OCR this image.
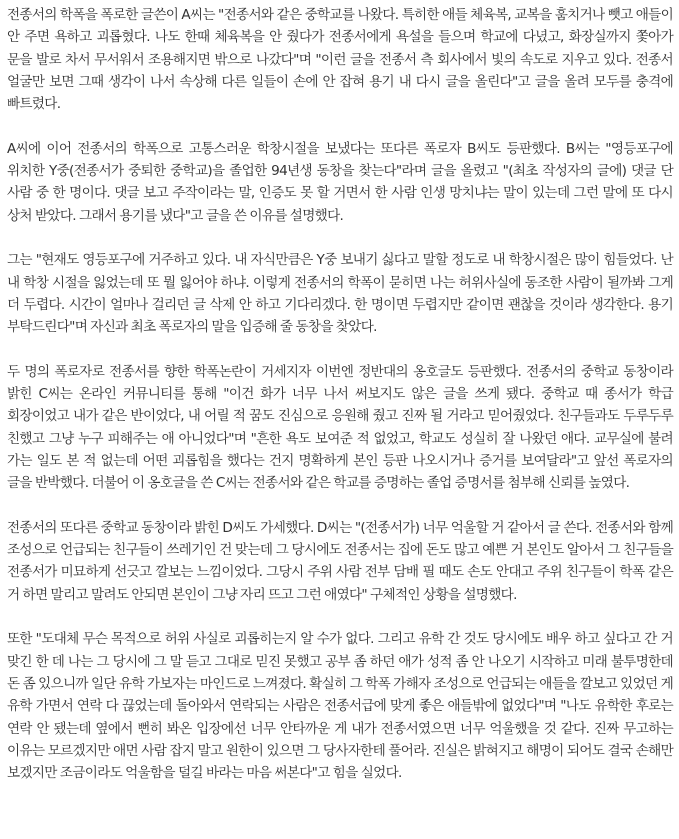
전종서의 학폭을 폭로한 글쓴이 A씨는 "전종서와 같은 중학교를 나왔다. 특히한 애들 체육복, 교복을 훔치거나 뺏고 애들이 안 주면 욕하고 괴롭혔다. 나도 한때 체육복을 안 줬다가 전종서에게 욕설을 들으며 학교에 다녔고, 화장실까지 쫓아가 문을 발로 차서 무서워서 조용해지면 밖으로 나갔다"며 "이런 글을 전종서 측 회사에서 빛의 속도로 지우고 있다. 전종서 얼굴만 보면 그때 생각이 나서 속상해 다른 일들이 손에 안 잡혀 용기 내 다시 글을 올린다"고 글을 올려 모두를 충격에 빠트렸다.

A씨에 이어 전종서의 학폭으로 고통스러운 학창시절을 보냈다는 또다른 폭로자 B씨도 등판했다. B씨는 "영등포구에 위치한 Y중(전종서가 중퇴한 중학교)을 졸업한 94년생 동창을 찾는다"라며 글을 올렸고 "(최초 작성자의 글에) 댓글 단 사람 중 한 명이다. 댓글 보고 주작이라는 말, 인증도 못 할 거면서 한 사람 인생 망치냐는 말이 있는데 그런 말에 또 다시 상처 받았다. 그래서 용기를 냈다"고 글을 쓴 이유를 설명했다.

그는 "현재도 영등포구에 거주하고 있다. 내 자식만큼은 Y중 보내기 싫다고 말할 정도로 내 학창시절은 많이 힘들었다. 난 내 학창 시절을 잃었는데 또 뭘 잃어야 하냐. 이렇게 전종서의 학폭이 묻히면 나는 허위사실에 동조한 사람이 될까봐 그게 더 두렵다. 시간이 얼마나 걸리던 글 삭제 안 하고 기다리겠다. 한 명이면 두렵지만 같이면 괜찮을 것이라 생각한다. 용기 부탁드린다"며 자신과 최초 폭로자의 말을 입증해 줄 동창을 찾았다.

두 명의 폭로자로 전종서를 향한 학폭논란이 거세지자 이번엔 정반대의 옹호글도 등판했다. 전종서의 중학교 동창이라 밝힌 C씨는 온라인 커뮤니티를 통해 "이건 화가 너무 나서 써보지도 않은 글을 쓰게 됐다. 중학교 때 종서가 학급 회장이었고 내가 같은 반이었다, 내 어릴 적 꿈도 진심으로 응원해 줬고 진짜 될 거라고 믿어줬었다. 친구들과도 두루두루 친했고 그냥 누구 피해주는 애 아니었다"며 "흔한 욕도 보여준 적 없었고, 학교도 성실히 잘 나왔던 애다. 교무실에 불려 가는 일도 본 적 없는데 어떤 괴롭힘을 했다는 건지 명확하게 본인 등판 나오시거나 증거를 보여달라"고 앞선 폭로자의 글을 반박했다. 더불어 이 옹호글을 쓴 C씨는 전종서와 같은 학교를 증명하는 졸업 증명서를 첨부해 신뢰를 높였다.

전종서의 또다른 중학교 동창이라 밝힌 D씨도 가세했다. D씨는 "(전종서가) 너무 억울할 거 같아서 글 쓴다. 전종서와 함께 조성으로 언급되는 친구들이 쓰레기인 건 맞는데 그 당시에도 전종서는 집에 돈도 많고 예쁜 거 본인도 알아서 그 친구들을 전종서가 미묘하게 선긋고 깔보는 느낌이었다. 그당시 주위 사람 전부 담배 필 때도 손도 안대고 주위 친구들이 학폭 같은 거 하면 말리고 말려도 안되면 본인이 그냥 자리 뜨고 그런 애였다" 구체적인 상황을 설명했다.

또한 "도대체 무슨 목적으로 허위 사실로 괴롭히는지 알 수가 없다. 그리고 유학 간 것도 당시에도 배우 하고 싶다고 간 거 맞긴 한 데 나는 그 당시에 그 말 듣고 그대로 믿진 못했고 공부 좀 하던 애가 성적 좀 안 나오기 시작하고 미래 불투명한데 돈 좀 있으니까 일단 유학 가보자는 마인드로 느껴졌다. 확실히 그 학폭 가해자 조성으로 언급되는 애들을 깔보고 있었던 게 유학 가면서 연락 다 끊었는데 돌아와서 연락되는 사람은 전종서급에 맞게 좋은 애들밖에 없었다"며 "나도 유학한 후로는 연락 안 됐는데 옆에서 뻔히 봐온 입장에선 너무 안타까운 게 내가 전종서였으면 너무 억울했을 것 같다. 진짜 무고하는 이유는 모르겠지만 애먼 사람 잡지 말고 원한이 있으면 그 당사자한테 풀어라. 진실은 밝혀지고 해명이 되어도 결국 손해만 보겠지만 조금이라도 억울함을 덜길 바라는 마음 써본다"고 힘을 실었다.
